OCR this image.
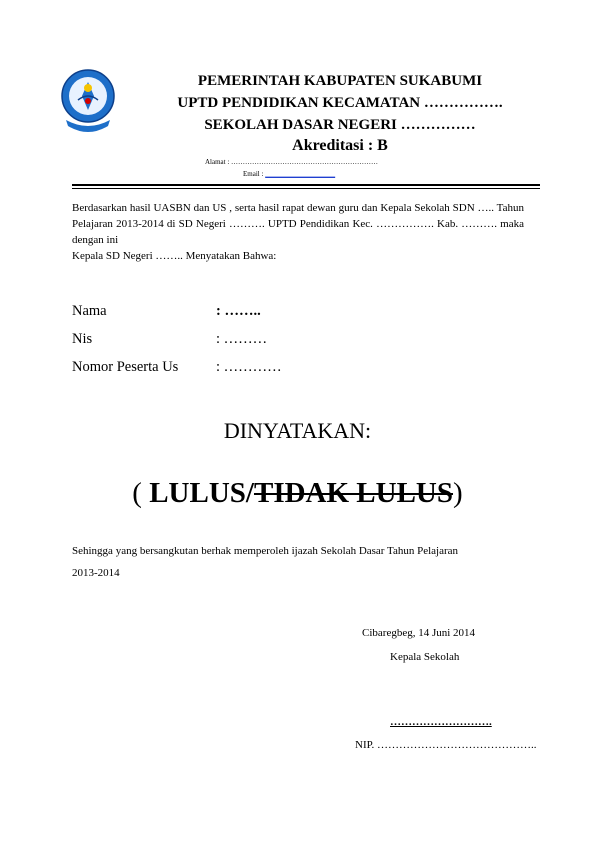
PEMERINTAH KABUPATEN SUKABUMI
UPTD PENDIDIKAN KECAMATAN …………….
SEKOLAH DASAR NEGERI ……………
Akreditasi : B
Alamat : ………………………………………………………
Email : ____________________
Berdasarkan hasil UASBN dan US , serta hasil rapat dewan guru dan Kepala Sekolah SDN ….. Tahun Pelajaran 2013-2014 di SD Negeri ………. UPTD Pendidikan Kec. ……………. Kab. ………. maka dengan ini
Kepala SD Negeri …….. Menyatakan Bahwa:
Nama	: ……..
Nis	: ………
Nomor Peserta Us	: …………
DINYATAKAN:
( LULUS/TIDAK LULUS)
Sehingga yang bersangkutan berhak memperoleh ijazah Sekolah Dasar Tahun Pelajaran
2013-2014
Cibaregbeg, 14 Juni 2014
Kepala Sekolah
……………………….
NIP. ……………………………………..
